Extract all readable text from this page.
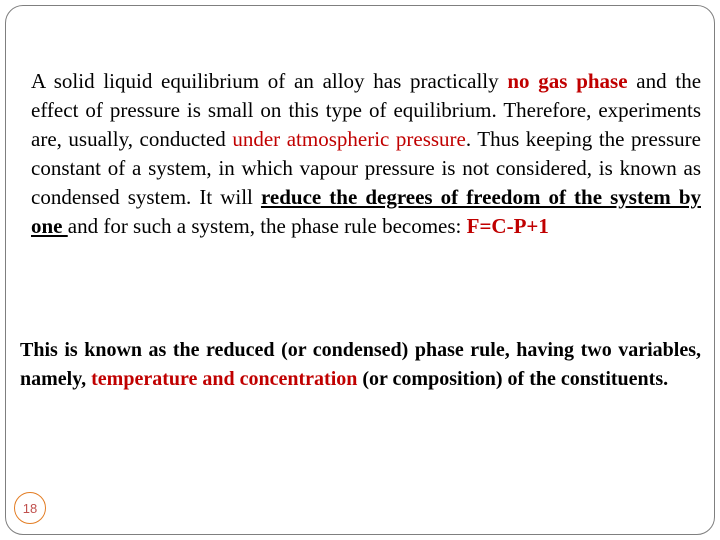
A solid liquid equilibrium of an alloy has practically no gas phase and the effect of pressure is small on this type of equilibrium. Therefore, experiments are, usually, conducted under atmospheric pressure. Thus keeping the pressure constant of a system, in which vapour pressure is not considered, is known as condensed system. It will reduce the degrees of freedom of the system by one and for such a system, the phase rule becomes: F=C-P+1

This is known as the reduced (or condensed) phase rule, having two variables, namely, temperature and concentration (or composition) of the constituents.

18
